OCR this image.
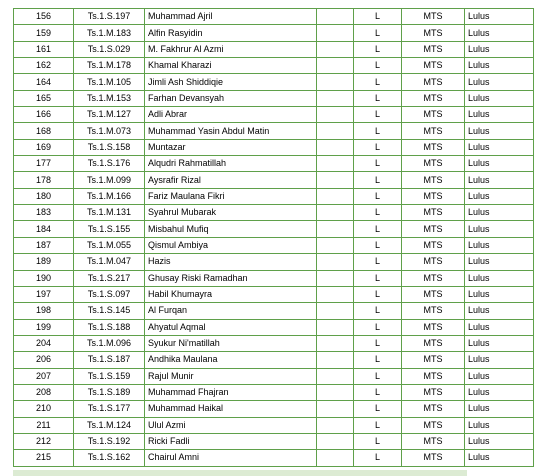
156	Ts.1.S.197	Muhammad Ajril		L	MTS	Lulus
159	Ts.1.M.183	Alfin Rasyidin		L	MTS	Lulus
161	Ts.1.S.029	M. Fakhrur Al Azmi		L	MTS	Lulus
162	Ts.1.M.178	Khamal Kharazi		L	MTS	Lulus
164	Ts.1.M.105	Jimli Ash Shiddiqie		L	MTS	Lulus
165	Ts.1.M.153	Farhan Devansyah		L	MTS	Lulus
166	Ts.1.M.127	Adli Abrar		L	MTS	Lulus
168	Ts.1.M.073	Muhammad Yasin Abdul Matin		L	MTS	Lulus
169	Ts.1.S.158	Muntazar		L	MTS	Lulus
177	Ts.1.S.176	Alqudri Rahmatillah		L	MTS	Lulus
178	Ts.1.M.099	Aysrafir Rizal		L	MTS	Lulus
180	Ts.1.M.166	Fariz Maulana Fikri		L	MTS	Lulus
183	Ts.1.M.131	Syahrul Mubarak		L	MTS	Lulus
184	Ts.1.S.155	Misbahul Mufiq		L	MTS	Lulus
187	Ts.1.M.055	Qismul Ambiya		L	MTS	Lulus
189	Ts.1.M.047	Hazis		L	MTS	Lulus
190	Ts.1.S.217	Ghusay Riski Ramadhan		L	MTS	Lulus
197	Ts.1.S.097	Habil Khumayra		L	MTS	Lulus
198	Ts.1.S.145	Al Furqan		L	MTS	Lulus
199	Ts.1.S.188	Ahyatul Aqmal		L	MTS	Lulus
204	Ts.1.M.096	Syukur Ni'matillah		L	MTS	Lulus
206	Ts.1.S.187	Andhika Maulana		L	MTS	Lulus
207	Ts.1.S.159	Rajul Munir		L	MTS	Lulus
208	Ts.1.S.189	Muhammad Fhajran		L	MTS	Lulus
210	Ts.1.S.177	Muhammad Haikal		L	MTS	Lulus
211	Ts.1.M.124	Ulul Azmi		L	MTS	Lulus
212	Ts.1.S.192	Ricki Fadli		L	MTS	Lulus
215	Ts.1.S.162	Chairul Amni		L	MTS	Lulus
